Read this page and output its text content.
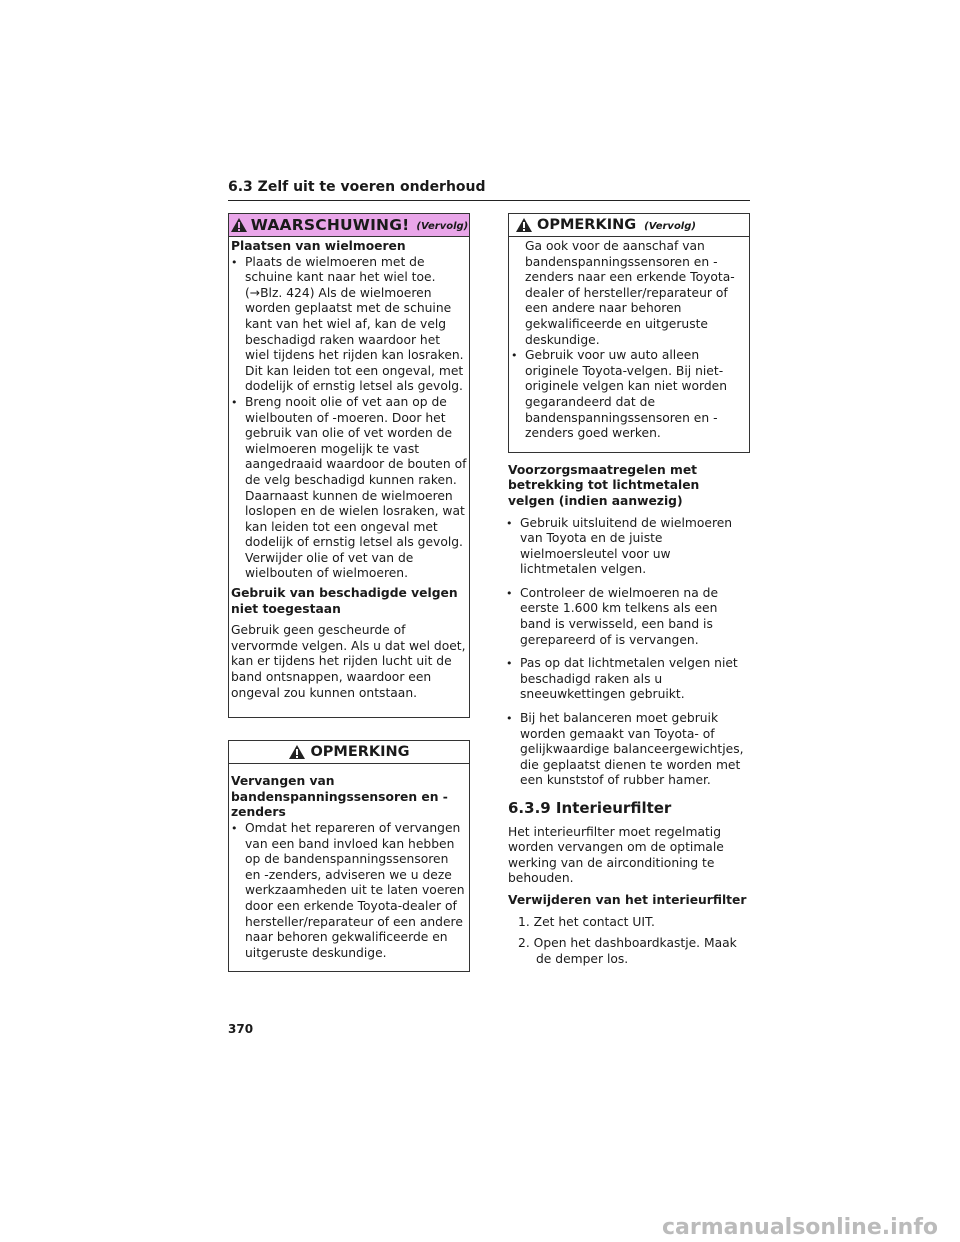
6.3 Zelf uit te voeren onderhoud
WAARSCHUWING! (Vervolg)
Plaatsen van wielmoeren

• Plaats de wielmoeren met de schuine kant naar het wiel toe. (→Blz. 424) Als de wielmoeren worden geplaatst met de schuine kant van het wiel af, kan de velg beschadigd raken waardoor het wiel tijdens het rijden kan losraken. Dit kan leiden tot een ongeval, met dodelijk of ernstig letsel als gevolg.

• Breng nooit olie of vet aan op de wielbouten of -moeren. Door het gebruik van olie of vet worden de wielmoeren mogelijk te vast aangedraaid waardoor de bouten of de velg beschadigd kunnen raken. Daarnaast kunnen de wielmoeren loslopen en de wielen losraken, wat kan leiden tot een ongeval met dodelijk of ernstig letsel als gevolg. Verwijder olie of vet van de wielbouten of wielmoeren.

Gebruik van beschadigde velgen niet toegestaan

Gebruik geen gescheurde of vervormde velgen. Als u dat wel doet, kan er tijdens het rijden lucht uit de band ontsnappen, waardoor een ongeval zou kunnen ontstaan.

OPMERKING
Vervangen van bandenspanningssensoren en -zenders

• Omdat het repareren of vervangen van een band invloed kan hebben op de bandenspanningssensoren en -zenders, adviseren we u deze werkzaamheden uit te laten voeren door een erkende Toyota-dealer of hersteller/reparateur of een andere naar behoren gekwalificeerde en uitgeruste deskundige.

OPMERKING (Vervolg)
Ga ook voor de aanschaf van bandenspanningssensoren en -zenders naar een erkende Toyota-dealer of hersteller/reparateur of een andere naar behoren gekwalificeerde en uitgeruste deskundige.

• Gebruik voor uw auto alleen originele Toyota-velgen. Bij niet-originele velgen kan niet worden gegarandeerd dat de bandenspanningssensoren en -zenders goed werken.

Voorzorgsmaatregelen met betrekking tot lichtmetalen velgen (indien aanwezig)

• Gebruik uitsluitend de wielmoeren van Toyota en de juiste wielmoersleutel voor uw lichtmetalen velgen.

• Controleer de wielmoeren na de eerste 1.600 km telkens als een band is verwisseld, een band is gerepareerd of is vervangen.

• Pas op dat lichtmetalen velgen niet beschadigd raken als u sneeuwkettingen gebruikt.

• Bij het balanceren moet gebruik worden gemaakt van Toyota- of gelijkwaardige balanceergewichtjes, die geplaatst dienen te worden met een kunststof of rubber hamer.

6.3.9 Interieurfilter

Het interieurfilter moet regelmatig worden vervangen om de optimale werking van de airconditioning te behouden.

Verwijderen van het interieurfilter

1. Zet het contact UIT.

2. Open het dashboardkastje. Maak de demper los.

370
carmanualsonline.info
